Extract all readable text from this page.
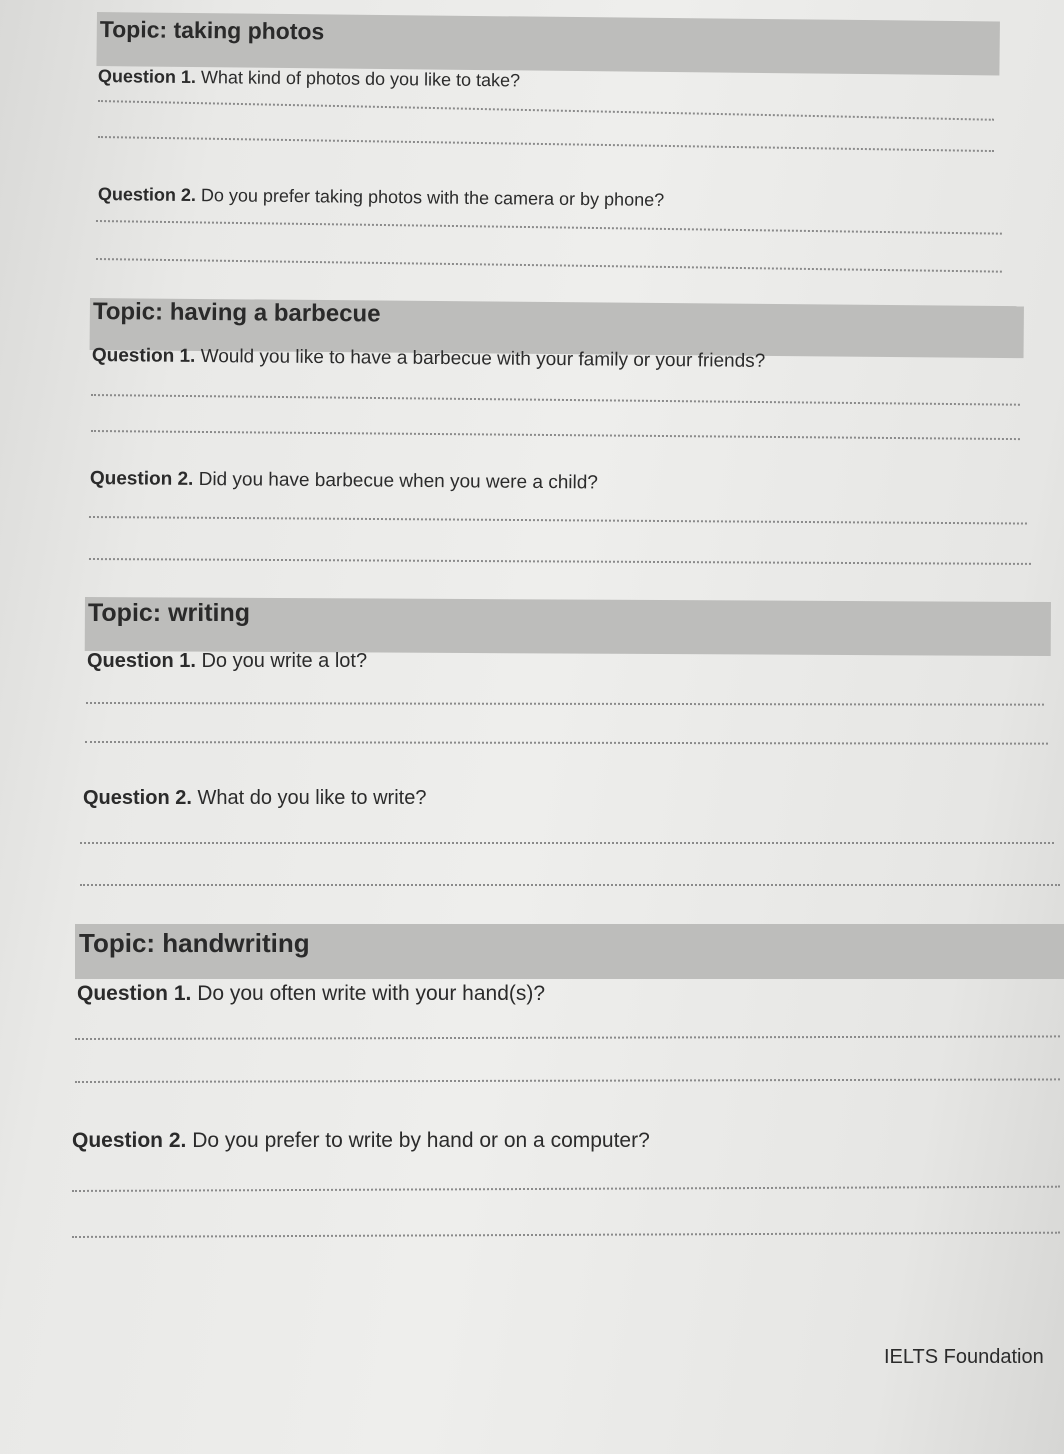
Topic: taking photos
Question 1. What kind of photos do you like to take?
Question 2. Do you prefer taking photos with the camera or by phone?
Topic: having a barbecue
Question 1. Would you like to have a barbecue with your family or your friends?
Question 2. Did you have barbecue when you were a child?
Topic: writing
Question 1. Do you write a lot?
Question 2. What do you like to write?
Topic: handwriting
Question 1. Do you often write with your hand(s)?
Question 2. Do you prefer to write by hand or on a computer?
IELTS Foundation
